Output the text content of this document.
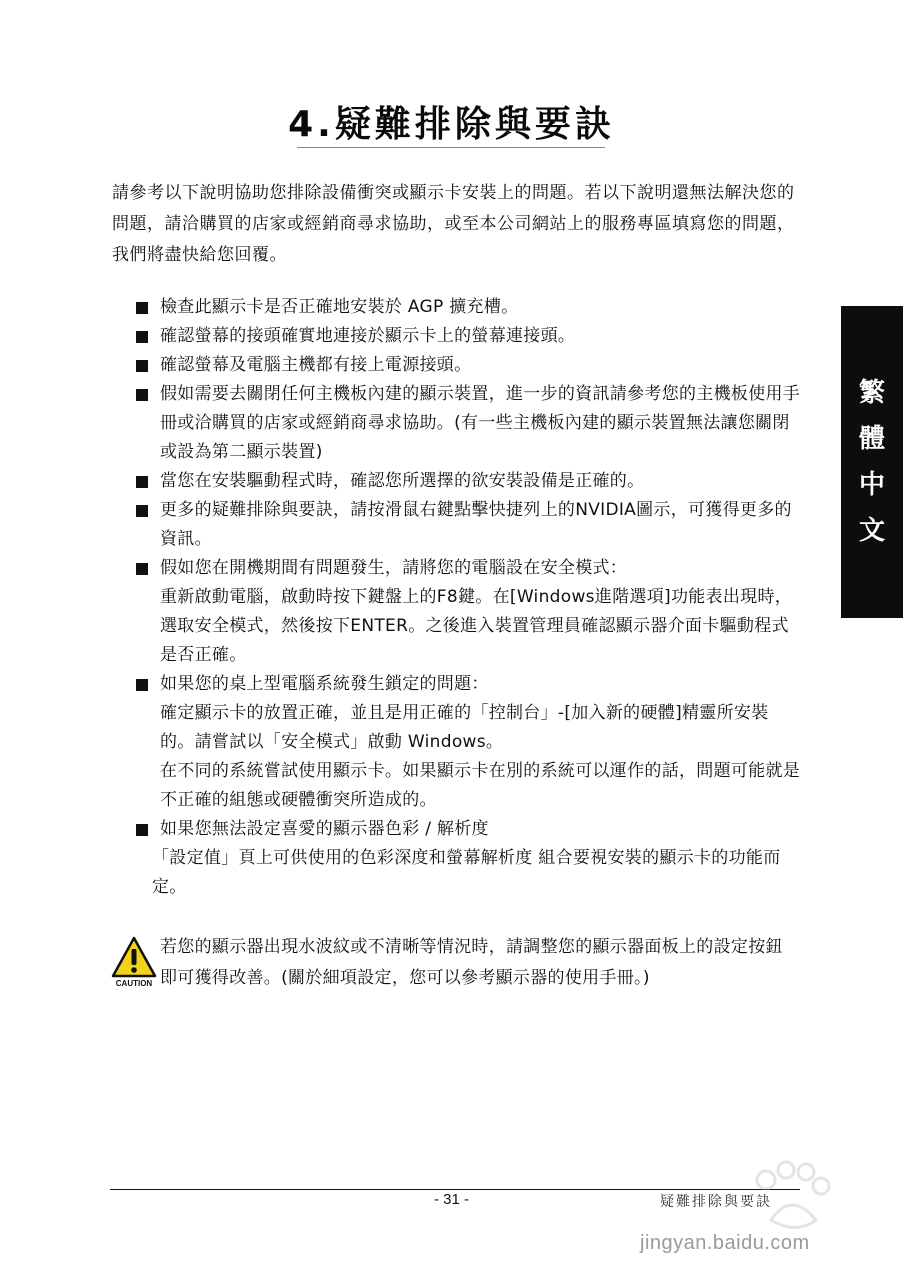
4.疑難排除與要訣
請參考以下說明協助您排除設備衝突或顯示卡安裝上的問題。若以下說明還無法解決您的問題，請洽購買的店家或經銷商尋求協助，或至本公司網站上的服務專區填寫您的問題，我們將盡快給您回覆。
檢查此顯示卡是否正確地安裝於 AGP 擴充槽。
確認螢幕的接頭確實地連接於顯示卡上的螢幕連接頭。
確認螢幕及電腦主機都有接上電源接頭。
假如需要去關閉任何主機板內建的顯示裝置，進一步的資訊請參考您的主機板使用手冊或洽購買的店家或經銷商尋求協助。(有一些主機板內建的顯示裝置無法讓您關閉或設為第二顯示裝置)
當您在安裝驅動程式時，確認您所選擇的欲安裝設備是正確的。
更多的疑難排除與要訣，請按滑鼠右鍵點擊快捷列上的NVIDIA圖示，可獲得更多的資訊。
假如您在開機期間有問題發生，請將您的電腦設在安全模式：
重新啟動電腦，啟動時按下鍵盤上的F8鍵。在[Windows進階選項]功能表出現時，選取安全模式，然後按下ENTER。之後進入裝置管理員確認顯示器介面卡驅動程式是否正確。
如果您的桌上型電腦系統發生鎖定的問題：
確定顯示卡的放置正確，並且是用正確的「控制台」-[加入新的硬體]精靈所安裝的。請嘗試以「安全模式」啟動 Windows。
在不同的系統嘗試使用顯示卡。如果顯示卡在別的系統可以運作的話，問題可能就是不正確的組態或硬體衝突所造成的。
如果您無法設定喜愛的顯示器色彩 / 解析度
「設定值」頁上可供使用的色彩深度和螢幕解析度 組合要視安裝的顯示卡的功能而定。
CAUTION
若您的顯示器出現水波紋或不清晰等情況時，請調整您的顯示器面板上的設定按鈕即可獲得改善。(關於細項設定，您可以參考顯示器的使用手冊。)
繁
體
中
文
- 31 -	疑難排除與要訣
jingyan.baidu.com
